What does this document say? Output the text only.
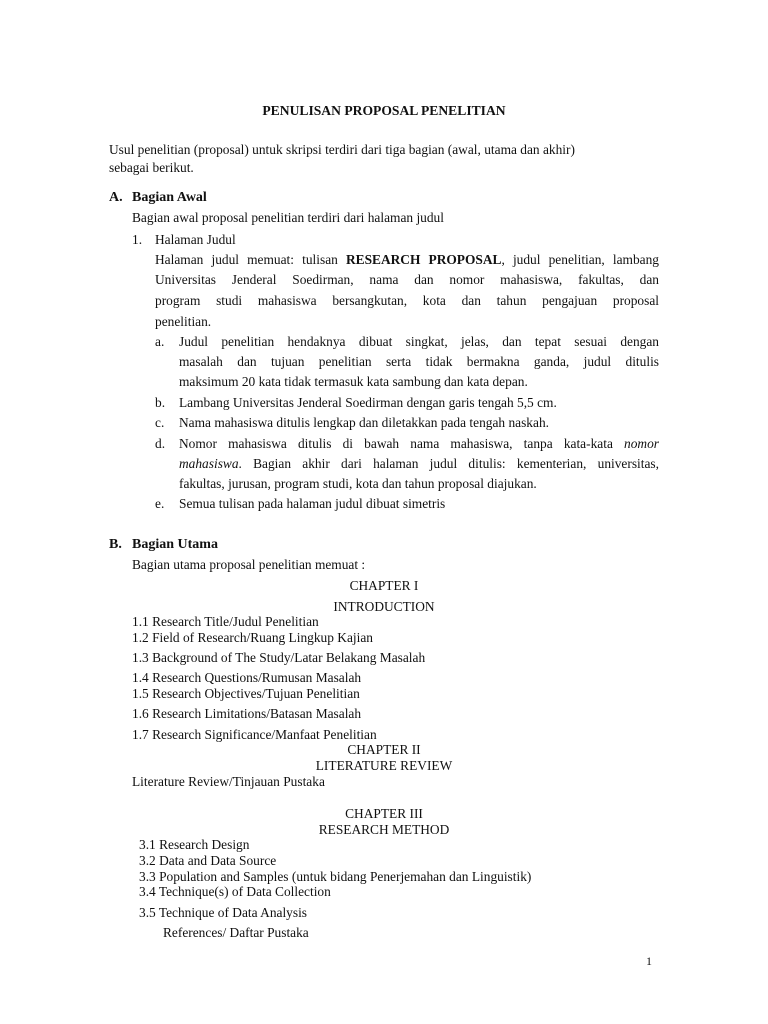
PENULISAN PROPOSAL PENELITIAN
Usul penelitian (proposal) untuk skripsi terdiri dari tiga bagian (awal, utama dan akhir)
sebagai berikut.
A. Bagian Awal
Bagian awal proposal penelitian terdiri dari halaman judul
1. Halaman Judul
Halaman judul memuat: tulisan RESEARCH PROPOSAL, judul penelitian, lambang
Universitas Jenderal Soedirman, nama dan nomor mahasiswa, fakultas, dan
program studi mahasiswa bersangkutan, kota dan tahun pengajuan proposal
penelitian.
a. Judul penelitian hendaknya dibuat singkat, jelas, dan tepat sesuai dengan
masalah dan tujuan penelitian serta tidak bermakna ganda, judul ditulis
maksimum 20 kata tidak termasuk kata sambung dan kata depan.
b. Lambang Universitas Jenderal Soedirman dengan garis tengah 5,5 cm.
c. Nama mahasiswa ditulis lengkap dan diletakkan pada tengah naskah.
d. Nomor mahasiswa ditulis di bawah nama mahasiswa, tanpa kata-kata nomor
mahasiswa. Bagian akhir dari halaman judul ditulis: kementerian, universitas,
fakultas, jurusan, program studi, kota dan tahun proposal diajukan.
e. Semua tulisan pada halaman judul dibuat simetris
B. Bagian Utama
Bagian utama proposal penelitian memuat :
CHAPTER I
INTRODUCTION
1.1 Research Title/Judul Penelitian
1.2 Field of Research/Ruang Lingkup Kajian
1.3 Background of The Study/Latar Belakang Masalah
1.4 Research Questions/Rumusan Masalah
1.5 Research Objectives/Tujuan Penelitian
1.6 Research Limitations/Batasan Masalah
1.7 Research Significance/Manfaat Penelitian
CHAPTER II
LITERATURE REVIEW
Literature Review/Tinjauan Pustaka
CHAPTER III
RESEARCH METHOD
3.1 Research Design
3.2 Data and Data Source
3.3 Population and Samples (untuk bidang Penerjemahan dan Linguistik)
3.4 Technique(s) of Data Collection
3.5 Technique of Data Analysis
References/ Daftar Pustaka
1
